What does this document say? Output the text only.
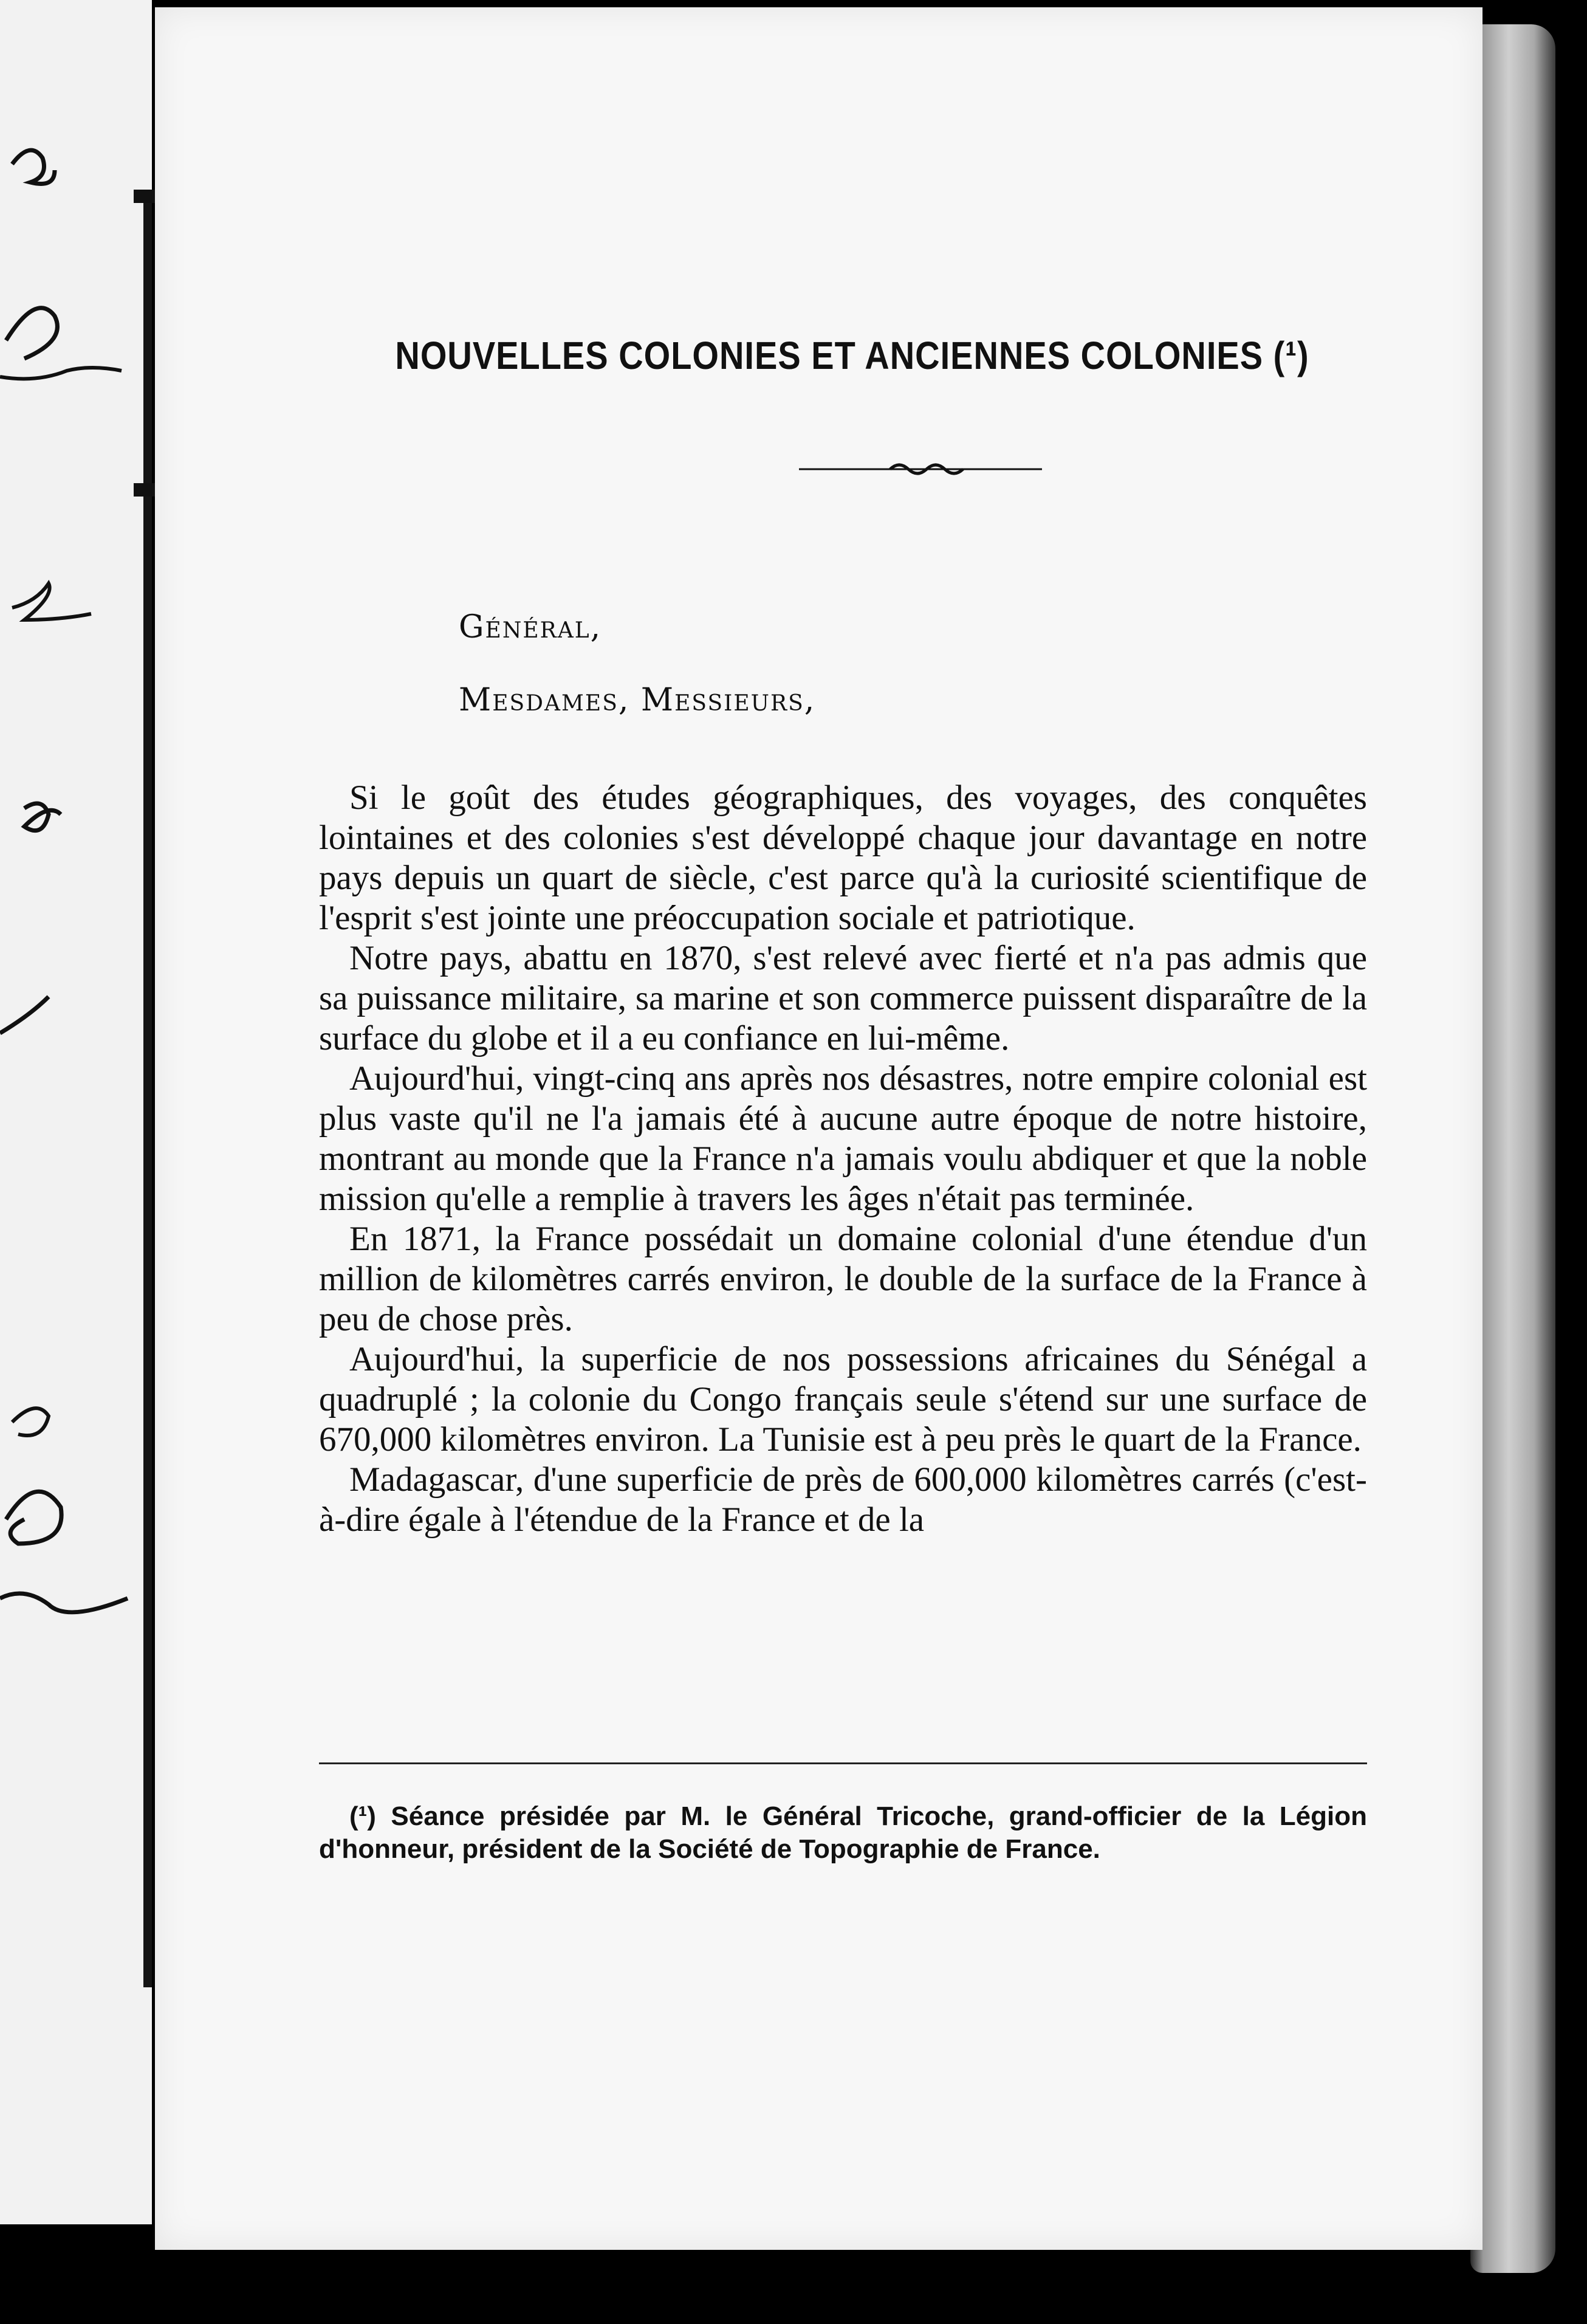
NOUVELLES COLONIES ET ANCIENNES COLONIES (¹)
Général,
Mesdames, Messieurs,

Si le goût des études géographiques, des voyages, des conquêtes lointaines et des colonies s'est développé chaque jour davantage en notre pays depuis un quart de siècle, c'est parce qu'à la curiosité scientifique de l'esprit s'est jointe une préoccupation sociale et patriotique.

Notre pays, abattu en 1870, s'est relevé avec fierté et n'a pas admis que sa puissance militaire, sa marine et son commerce puissent disparaître de la surface du globe et il a eu confiance en lui-même.

Aujourd'hui, vingt-cinq ans après nos désastres, notre empire colonial est plus vaste qu'il ne l'a jamais été à aucune autre époque de notre histoire, montrant au monde que la France n'a jamais voulu abdiquer et que la noble mission qu'elle a remplie à travers les âges n'était pas terminée.

En 1871, la France possédait un domaine colonial d'une étendue d'un million de kilomètres carrés environ, le double de la surface de la France à peu de chose près.

Aujourd'hui, la superficie de nos possessions africaines du Sénégal a quadruplé ; la colonie du Congo français seule s'étend sur une surface de 670,000 kilomètres environ. La Tunisie est à peu près le quart de la France.

Madagascar, d'une superficie de près de 600,000 kilomètres carrés (c'est-à-dire égale à l'étendue de la France et de la

(¹) Séance présidée par M. le Général Tricoche, grand-officier de la Légion d'honneur, président de la Société de Topographie de France.
